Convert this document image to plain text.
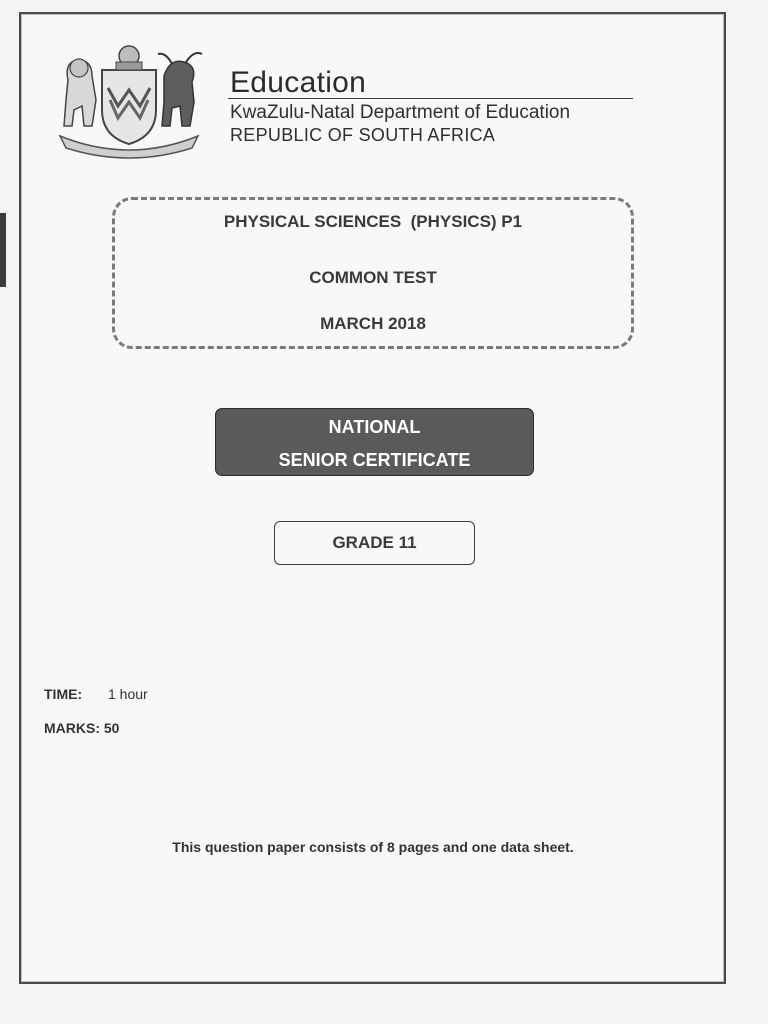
Education
KwaZulu-Natal Department of Education
REPUBLIC OF SOUTH AFRICA
PHYSICAL SCIENCES  (PHYSICS) P1
COMMON TEST
MARCH 2018
NATIONAL
SENIOR CERTIFICATE
GRADE 11
TIME: 1 hour
MARKS: 50
This question paper consists of 8 pages and one data sheet.
